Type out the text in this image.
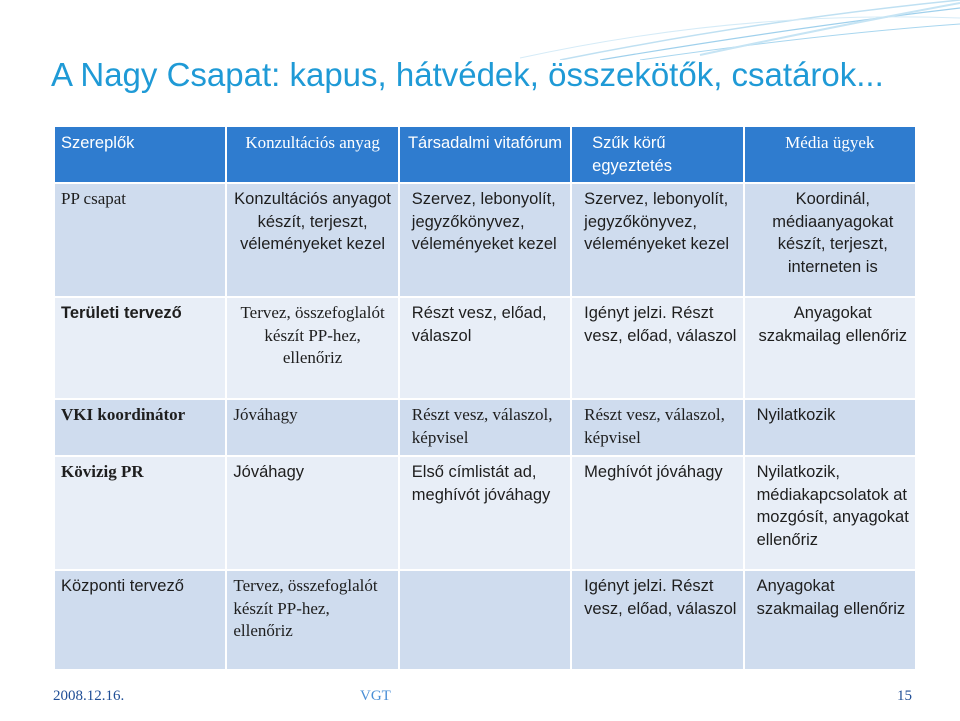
A Nagy Csapat: kapus, hátvédek, összekötők, csatárok...
Szereplők	Konzultációs anyag	Társadalmi vitafórum	Szűk körű egyeztetés	Média ügyek
PP csapat	Konzultációs anyagot készít, terjeszt, véleményeket kezel	Szervez, lebonyolít, jegyzőkönyvez, véleményeket kezel	Szervez, lebonyolít, jegyzőkönyvez, véleményeket kezel	Koordinál, médiaanyagokat készít, terjeszt, interneten is
Területi tervező	Tervez, összefoglalót készít PP-hez, ellenőriz	Részt vesz, előad, válaszol	Igényt jelzi. Részt vesz, előad, válaszol	Anyagokat szakmailag ellenőriz
VKI koordinátor	Jóváhagy	Részt vesz, válaszol, képvisel	Részt vesz, válaszol, képvisel	Nyilatkozik
Kövizig PR	Jóváhagy	Első címlistát ad, meghívót jóváhagy	Meghívót jóváhagy	Nyilatkozik, médiakapcsolatok at mozgósít, anyagokat ellenőriz
Központi tervező	Tervez, összefoglalót készít PP-hez, ellenőriz		Igényt jelzi. Részt vesz, előad, válaszol	Anyagokat szakmailag ellenőriz
2008.12.16.	VGT	15
